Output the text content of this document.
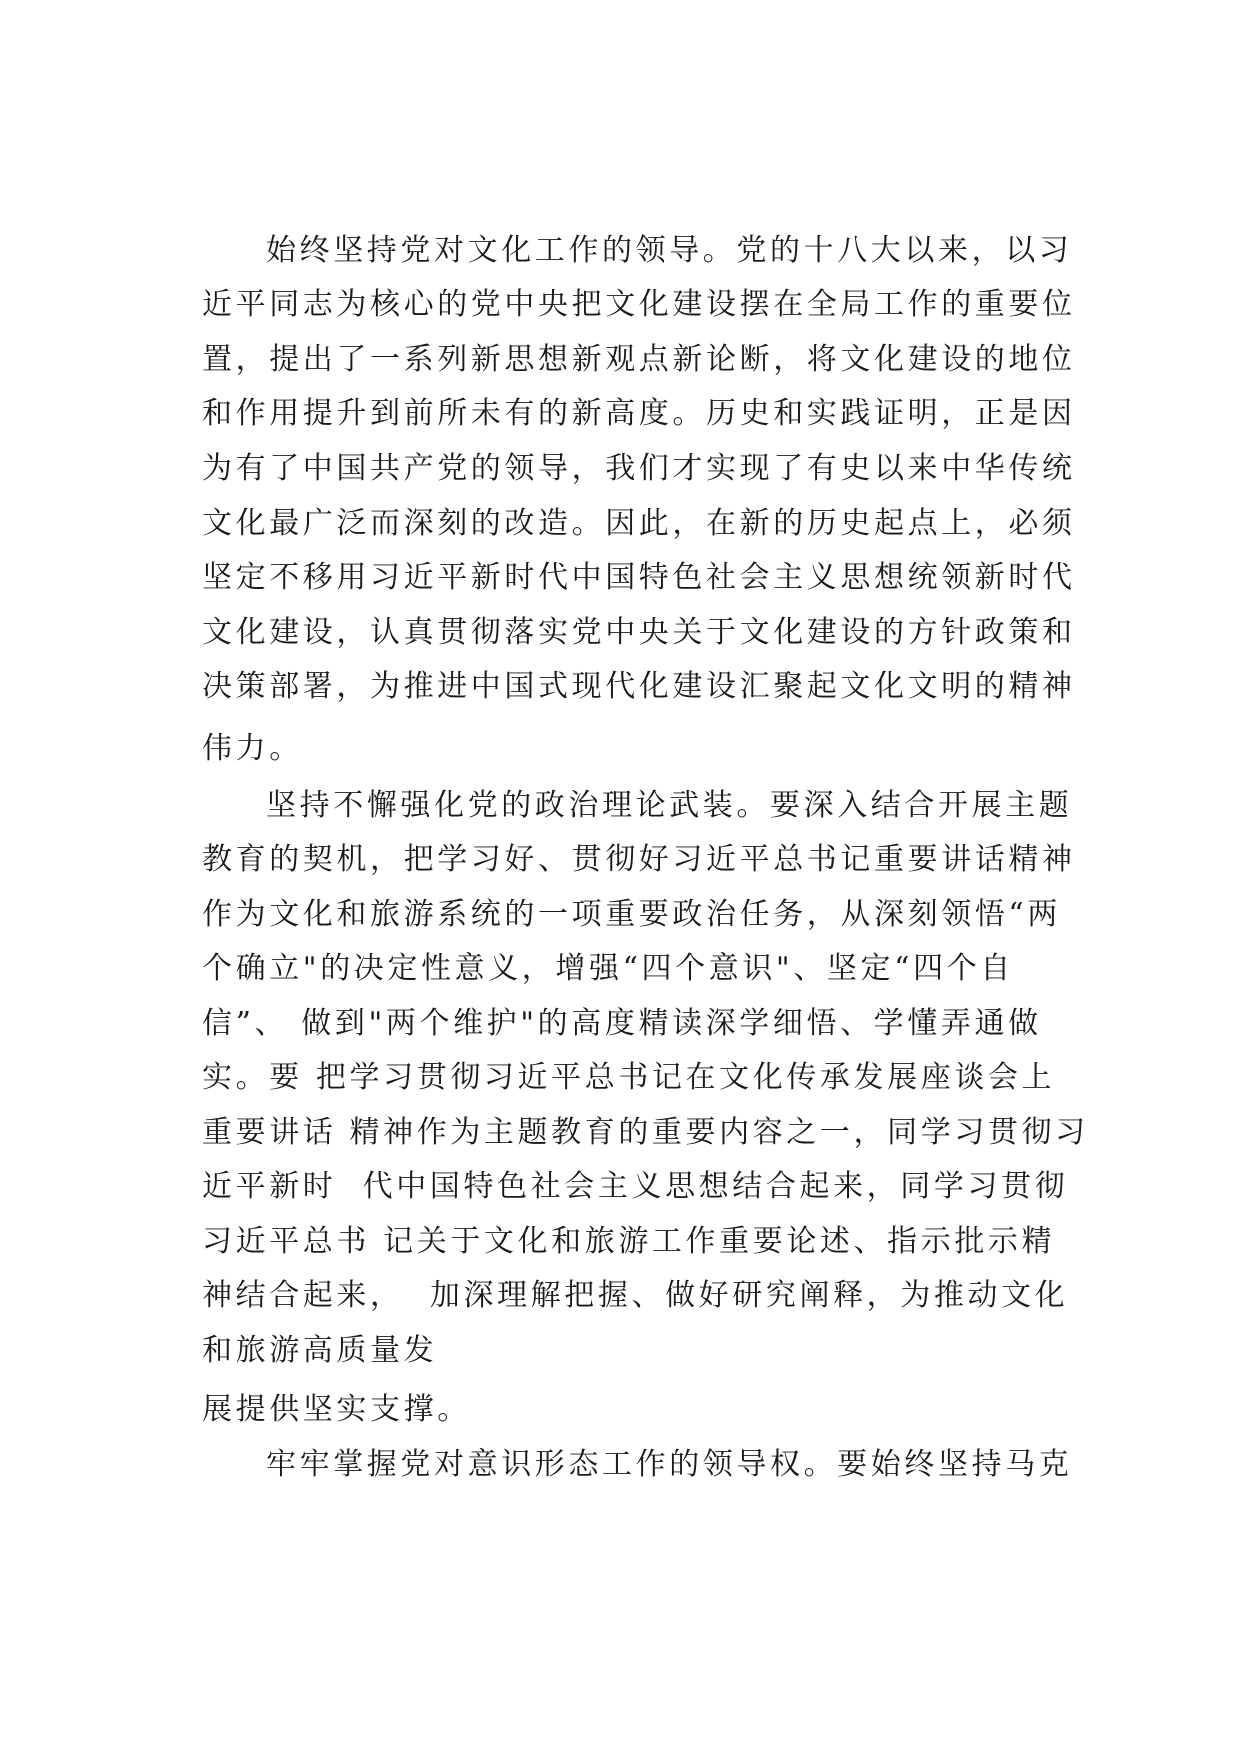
始终坚持党对文化工作的领导。党的十八大以来，以习
近平同志为核心的党中央把文化建设摆在全局工作的重要位
置，提出了一系列新思想新观点新论断，将文化建设的地位
和作用提升到前所未有的新高度。历史和实践证明，正是因
为有了中国共产党的领导，我们才实现了有史以来中华传统
文化最广泛而深刻的改造。因此，在新的历史起点上，必须
坚定不移用习近平新时代中国特色社会主义思想统领新时代
文化建设，认真贯彻落实党中央关于文化建设的方针政策和
决策部署，为推进中国式现代化建设汇聚起文化文明的精神
伟力。
坚持不懈强化党的政治理论武装。要深入结合开展主题
教育的契机，把学习好、贯彻好习近平总书记重要讲话精神
作为文化和旅游系统的一项重要政治任务，从深刻领悟“两
个确立"的决定性意义，增强“四个意识"、坚定“四个自
信”、 做到"两个维护"的高度精读深学细悟、学懂弄通做
实。要 把学习贯彻习近平总书记在文化传承发展座谈会上
重要讲话 精神作为主题教育的重要内容之一，同学习贯彻习
近平新时  代中国特色社会主义思想结合起来，同学习贯彻
习近平总书 记关于文化和旅游工作重要论述、指示批示精
神结合起来，  加深理解把握、做好研究阐释，为推动文化
和旅游高质量发
展提供坚实支撑。
牢牢掌握党对意识形态工作的领导权。要始终坚持马克
